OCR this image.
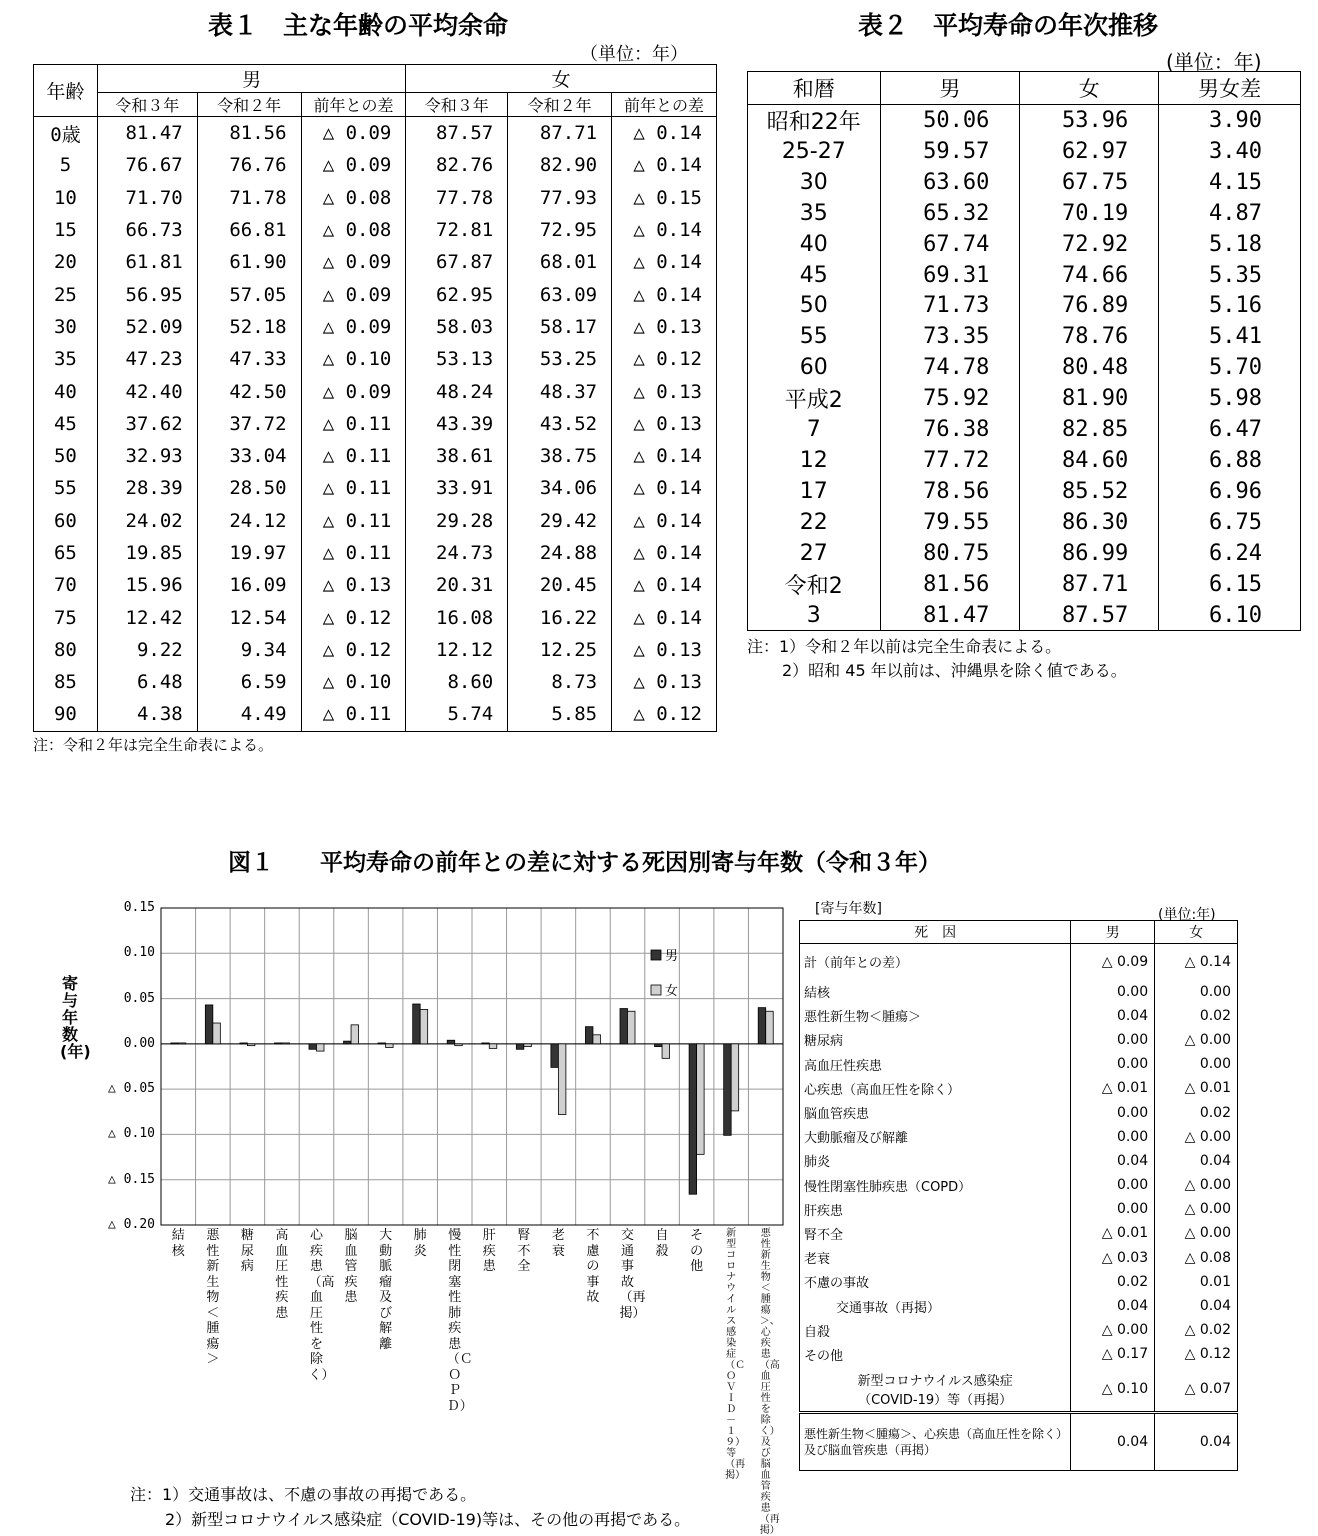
表１　主な年齢の平均余命
（単位：年）
年齢	男			女		
	令和３年	令和２年	前年との差	令和３年	令和２年	前年との差
0歳	81.47	81.56	△ 0.09	87.57	87.71	△ 0.14
5	76.67	76.76	△ 0.09	82.76	82.90	△ 0.14
10	71.70	71.78	△ 0.08	77.78	77.93	△ 0.15
15	66.73	66.81	△ 0.08	72.81	72.95	△ 0.14
20	61.81	61.90	△ 0.09	67.87	68.01	△ 0.14
25	56.95	57.05	△ 0.09	62.95	63.09	△ 0.14
30	52.09	52.18	△ 0.09	58.03	58.17	△ 0.13
35	47.23	47.33	△ 0.10	53.13	53.25	△ 0.12
40	42.40	42.50	△ 0.09	48.24	48.37	△ 0.13
45	37.62	37.72	△ 0.11	43.39	43.52	△ 0.13
50	32.93	33.04	△ 0.11	38.61	38.75	△ 0.14
55	28.39	28.50	△ 0.11	33.91	34.06	△ 0.14
60	24.02	24.12	△ 0.11	29.28	29.42	△ 0.14
65	19.85	19.97	△ 0.11	24.73	24.88	△ 0.14
70	15.96	16.09	△ 0.13	20.31	20.45	△ 0.14
75	12.42	12.54	△ 0.12	16.08	16.22	△ 0.14
80	9.22	9.34	△ 0.12	12.12	12.25	△ 0.13
85	6.48	6.59	△ 0.10	8.60	8.73	△ 0.13
90	4.38	4.49	△ 0.11	5.74	5.85	△ 0.12
注：令和２年は完全生命表による。
表２　平均寿命の年次推移
(単位：年)
和暦	男	女	男女差
昭和22年	50.06	53.96	3.90
25-27	59.57	62.97	3.40
30	63.60	67.75	4.15
35	65.32	70.19	4.87
40	67.74	72.92	5.18
45	69.31	74.66	5.35
50	71.73	76.89	5.16
55	73.35	78.76	5.41
60	74.78	80.48	5.70
平成2	75.92	81.90	5.98
7	76.38	82.85	6.47
12	77.72	84.60	6.88
17	78.56	85.52	6.96
22	79.55	86.30	6.75
27	80.75	86.99	6.24
令和2	81.56	87.71	6.15
3	81.47	87.57	6.10
注：1）令和２年以前は完全生命表による。
2）昭和 45 年以前は、沖縄県を除く値である。
図１　　平均寿命の前年との差に対する死因別寄与年数（令和３年）
寄与年数(年)
0.15
0.10
0.05
0.00
△ 0.05
△ 0.10
△ 0.15
△ 0.20
男
女
結核
悪性新生物＜腫瘍＞
糖尿病
高血圧性疾患
心疾患（高血圧性を除く）
脳血管疾患
大動脈瘤及び解離
肺炎
慢性閉塞性肺疾患（ＣＯＰＤ）
肝疾患
腎不全
老衰
不慮の事故
交通事故（再掲）
自殺
その他
新型コロナウイルス感染症（ＣＯＶＩＤ－１９）等（再掲）
悪性新生物＜腫瘍＞、心疾患（高血圧性を除く）及び脳血管疾患（再掲）
注：1）交通事故は、不慮の事故の再掲である。
2）新型コロナウイルス感染症（COVID-19)等は、その他の再掲である。
[寄与年数]	(単位:年)
死　因	男	女
計（前年との差）	△ 0.09	△ 0.14
結核	0.00	0.00
悪性新生物＜腫瘍＞	0.04	0.02
糖尿病	0.00	△ 0.00
高血圧性疾患	0.00	0.00
心疾患（高血圧性を除く）	△ 0.01	△ 0.01
脳血管疾患	0.00	0.02
大動脈瘤及び解離	0.00	△ 0.00
肺炎	0.04	0.04
慢性閉塞性肺疾患（COPD）	0.00	△ 0.00
肝疾患	0.00	△ 0.00
腎不全	△ 0.01	△ 0.00
老衰	△ 0.03	△ 0.08
不慮の事故	0.02	0.01
交通事故（再掲）	0.04	0.04
自殺	△ 0.00	△ 0.02
その他	△ 0.17	△ 0.12

新型コロナウイルス感染症
（COVID-19）等（再掲）	△ 0.10	△ 0.07
悪性新生物＜腫瘍＞、心疾患（高血圧性を除く）及び脳血管疾患（再掲）	0.04	0.04
